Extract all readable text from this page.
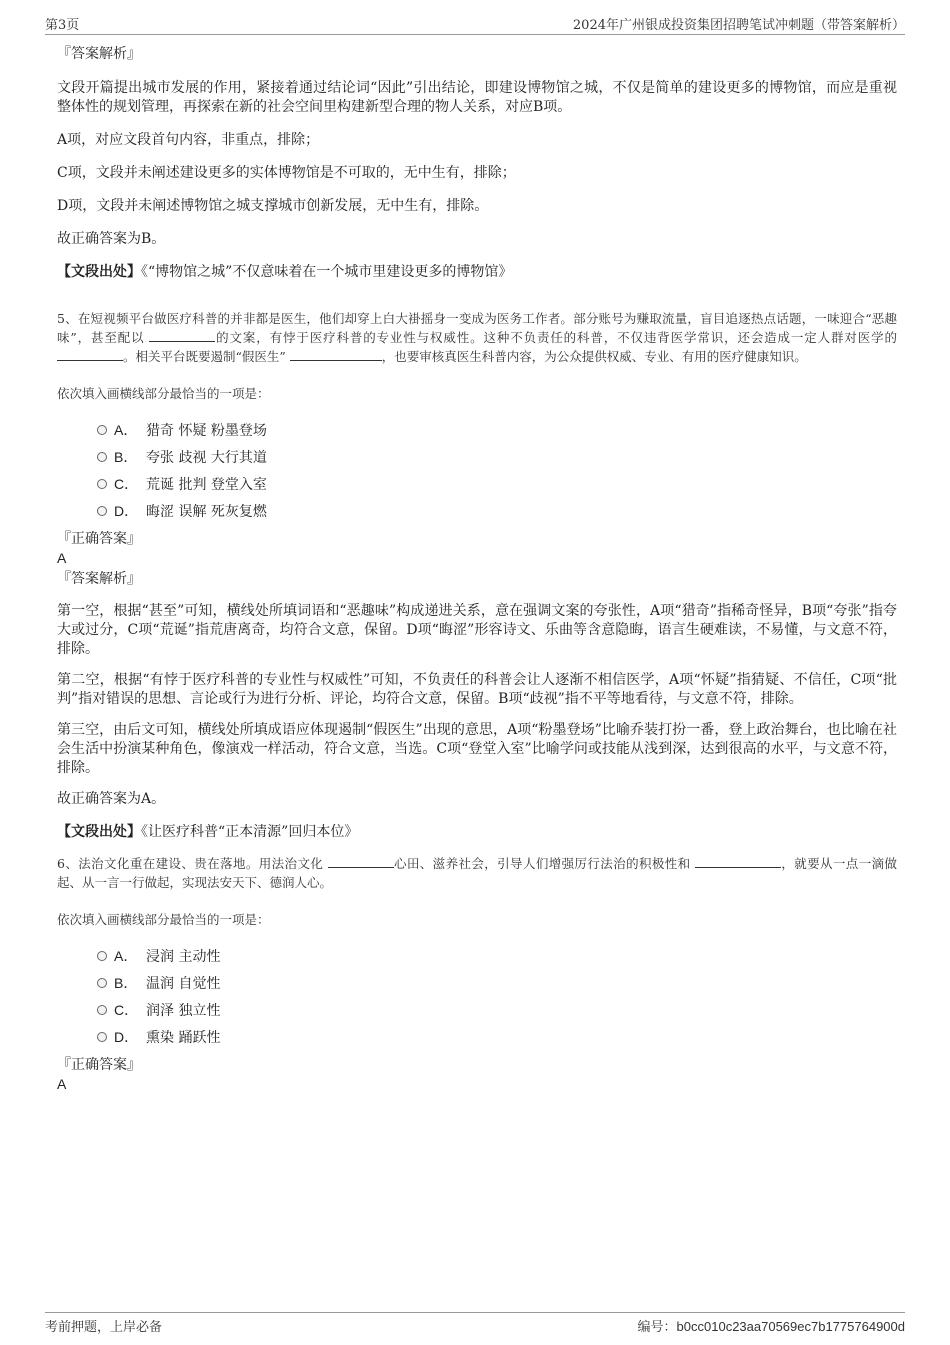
第3页	2024年广州银成投资集团招聘笔试冲刺题（带答案解析）

『答案解析』

文段开篇提出城市发展的作用，紧接着通过结论词“因此”引出结论，即建设博物馆之城，不仅是简单的建设更多的博物馆，而应是重视整体性的规划管理，再探索在新的社会空间里构建新型合理的物人关系，对应B项。

A项，对应文段首句内容，非重点，排除；

C项，文段并未阐述建设更多的实体博物馆是不可取的，无中生有，排除；

D项，文段并未阐述博物馆之城支撑城市创新发展，无中生有，排除。

故正确答案为B。

【文段出处】《“博物馆之城”不仅意味着在一个城市里建设更多的博物馆》

5、在短视频平台做医疗科普的并非都是医生，他们却穿上白大褂摇身一变成为医务工作者。部分账号为赚取流量，盲目追逐热点话题，一味迎合“恶趣味”，甚至配以	的文案，有悖于医疗科普的专业性与权威性。这种不负责任的科普，不仅违背医学常识，还会造成一定人群对医学的 。相关平台既要遏制“假医生”	，也要审核真医生科普内容，为公众提供权威、专业、有用的医疗健康知识。

依次填入画横线部分最恰当的一项是：

A． 猎奇 怀疑 粉墨登场
B． 夸张 歧视 大行其道
C． 荒诞 批判 登堂入室
D． 晦涩 误解 死灰复燃

『正确答案』

A

『答案解析』

第一空，根据“甚至”可知，横线处所填词语和“恶趣味”构成递进关系，意在强调文案的夸张性，A项“猎奇”指稀奇怪异，B项“夸张”指夸大或过分，C项“荒诞”指荒唐离奇，均符合文意，保留。D项“晦涩”形容诗文、乐曲等含意隐晦，语言生硬难读，不易懂，与文意不符，排除。

第二空，根据“有悖于医疗科普的专业性与权威性”可知，不负责任的科普会让人逐渐不相信医学，A项“怀疑”指猜疑、不信任，C项“批判”指对错误的思想、言论或行为进行分析、评论，均符合文意，保留。B项“歧视”指不平等地看待，与文意不符，排除。

第三空，由后文可知，横线处所填成语应体现遏制“假医生”出现的意思，A项“粉墨登场”比喻乔装打扮一番，登上政治舞台，也比喻在社会生活中扮演某种角色，像演戏一样活动，符合文意，当选。C项“登堂入室”比喻学问或技能从浅到深，达到很高的水平，与文意不符，排除。

故正确答案为A。

【文段出处】《让医疗科普“正本清源”回归本位》

6、法治文化重在建设、贵在落地。用法治文化	心田、滋养社会，引导人们增强厉行法治的积极性和	，就要从一点一滴做起、从一言一行做起，实现法安天下、德润人心。

依次填入画横线部分最恰当的一项是：

A． 浸润 主动性
B． 温润 自觉性
C． 润泽 独立性
D． 熏染 踊跃性

『正确答案』

A

考前押题，上岸必备	编号：b0cc010c23aa70569ec7b1775764900d
